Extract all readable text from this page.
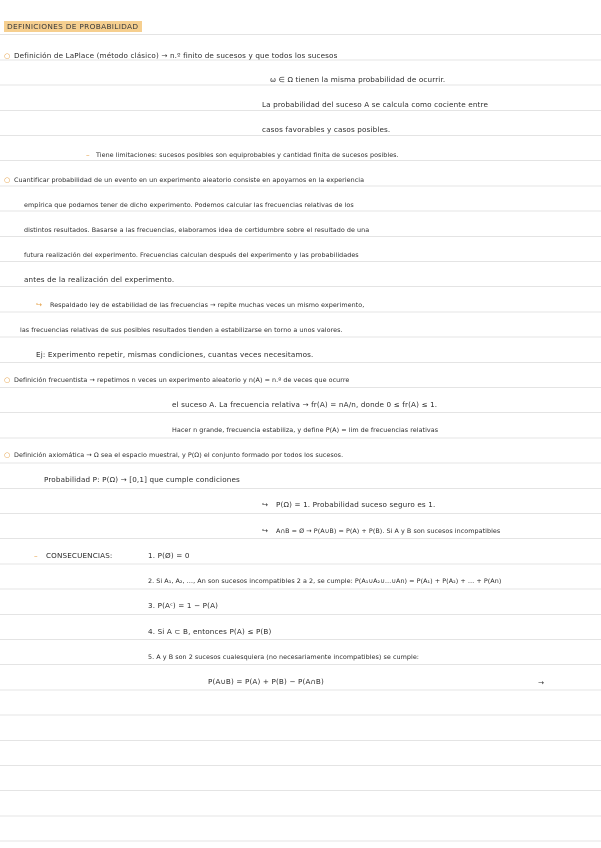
DEFINICIONES DE PROBABILIDAD
○ Definición de LaPlace (método clásico) → n.º finito de sucesos y que todos los sucesos
ω ∈ Ω tienen la misma probabilidad de ocurrir.
La probabilidad del suceso A se calcula como cociente entre
casos favorables y casos posibles.
– Tiene limitaciones: sucesos posibles son equiprobables y cantidad finita de sucesos posibles.
○ Cuantificar probabilidad de un evento en un experimento aleatorio consiste en apoyarnos en la experiencia
empírica que podamos tener de dicho experimento. Podemos calcular las frecuencias relativas de los
distintos resultados. Basarse a las frecuencias, elaboramos idea de certidumbre sobre el resultado de una
futura realización del experimento. Frecuencias calculan después del experimento y las probabilidades
antes de la realización del experimento.
↪ Respaldado ley de estabilidad de las frecuencias → repite muchas veces un mismo experimento,
las frecuencias relativas de sus posibles resultados tienden a estabilizarse en torno a unos valores.
Ej: Experimento repetir, mismas condiciones, cuantas veces necesitamos.
○ Definición frecuentista → repetimos n veces un experimento aleatorio y n(A) = n.º de veces que ocurre
el suceso A. La frecuencia relativa → fr(A) = nA/n, donde 0 ≤ fr(A) ≤ 1.
Hacer n grande, frecuencia estabiliza, y define P(A) = lim de frecuencias relativas
○ Definición axiomática → Ω sea el espacio muestral, y P(Ω) el conjunto formado por todos los sucesos.
Probabilidad P: P(Ω) → [0,1] que cumple condiciones
↪ P(Ω) = 1. Probabilidad suceso seguro es 1.
↪ A∩B = Ø → P(A∪B) = P(A) + P(B). Si A y B son sucesos incompatibles
– CONSECUENCIAS:	1. P(Ø) = 0
2. Si A₁, A₂, …, An son sucesos incompatibles 2 a 2, se cumple: P(A₁∪A₂∪…∪An) = P(A₁) + P(A₂) + … + P(An)
3. P(Aᶜ) = 1 − P(A)
4. Si A ⊂ B, entonces P(A) ≤ P(B)
5. A y B son 2 sucesos cualesquiera (no necesariamente incompatibles) se cumple:
P(A∪B) = P(A) + P(B) − P(A∩B)	→
